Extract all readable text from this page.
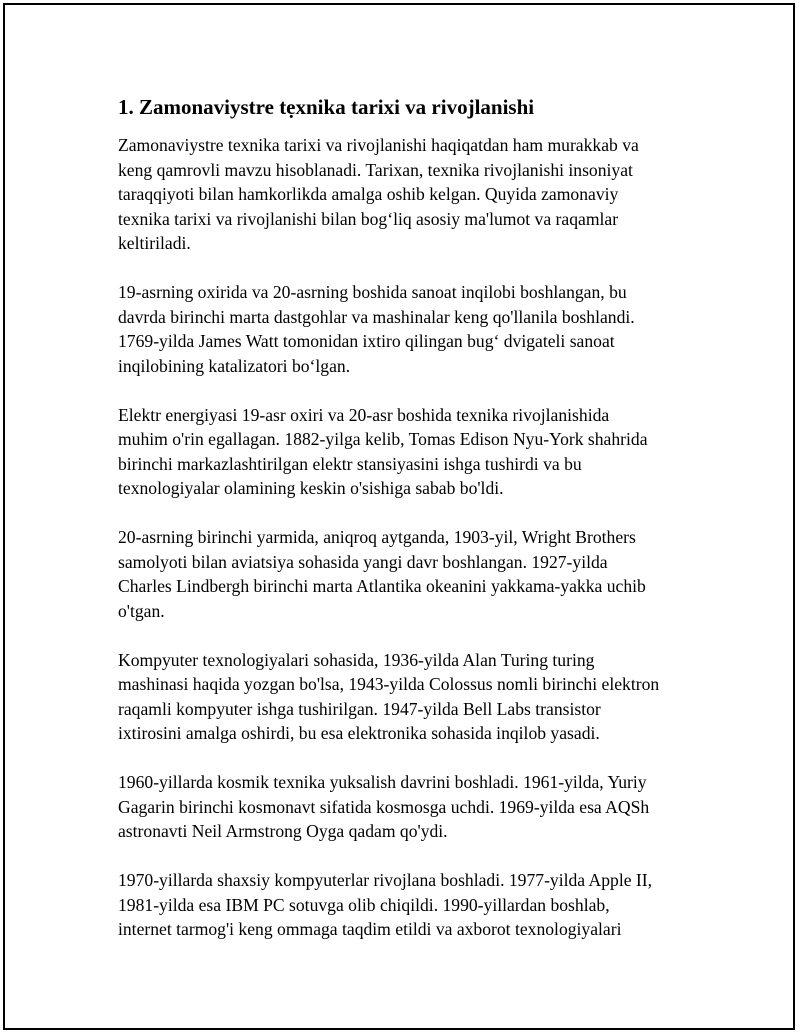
1. Zamonaviystre tẹxnika tarixi va rivojlanishi

Zamonaviystre texnika tarixi va rivojlanishi haqiqatdan ham murakkab va
keng qamrovli mavzu hisoblanadi. Tarixan, texnika rivojlanishi insoniyat
taraqqiyoti bilan hamkorlikda amalga oshib kelgan. Quyida zamonaviy
texnika tarixi va rivojlanishi bilan bog‘liq asosiy ma'lumot va raqamlar
keltiriladi.

19-asrning oxirida va 20-asrning boshida sanoat inqilobi boshlangan, bu
davrda birinchi marta dastgohlar va mashinalar keng qo'llanila boshlandi.
1769-yilda James Watt tomonidan ixtiro qilingan bug‘ dvigateli sanoat
inqilobining katalizatori bo‘lgan.

Elektr energiyasi 19-asr oxiri va 20-asr boshida texnika rivojlanishida
muhim o'rin egallagan. 1882-yilga kelib, Tomas Edison Nyu-York shahrida
birinchi markazlashtirilgan elektr stansiyasini ishga tushirdi va bu
texnologiyalar olamining keskin o'sishiga sabab bo'ldi.

20-asrning birinchi yarmida, aniqroq aytganda, 1903-yil, Wright Brothers
samolyoti bilan aviatsiya sohasida yangi davr boshlangan. 1927-yilda
Charles Lindbergh birinchi marta Atlantika okeanini yakkama-yakka uchib
o'tgan.

Kompyuter texnologiyalari sohasida, 1936-yilda Alan Turing turing
mashinasi haqida yozgan bo'lsa, 1943-yilda Colossus nomli birinchi elektron
raqamli kompyuter ishga tushirilgan. 1947-yilda Bell Labs transistor
ixtirosini amalga oshirdi, bu esa elektronika sohasida inqilob yasadi.

1960-yillarda kosmik texnika yuksalish davrini boshladi. 1961-yilda, Yuriy
Gagarin birinchi kosmonavt sifatida kosmosga uchdi. 1969-yilda esa AQSh
astronavti Neil Armstrong Oyga qadam qo'ydi.

1970-yillarda shaxsiy kompyuterlar rivojlana boshladi. 1977-yilda Apple II,
1981-yilda esa IBM PC sotuvga olib chiqildi. 1990-yillardan boshlab,
internet tarmog'i keng ommaga taqdim etildi va axborot texnologiyalari
